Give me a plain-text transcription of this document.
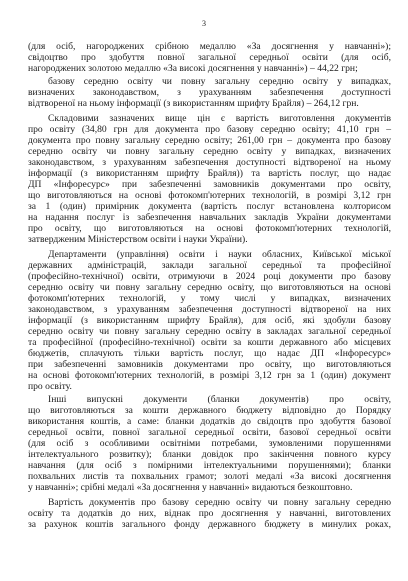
3
(для осіб, нагороджених срібною медаллю «За досягнення у навчанні»);
свідоцтво про здобуття повної загальної середньої освіти (для осіб,
нагороджених золотою медаллю «За високі досягнення у навчанні») – 44,22 грн;
базову середню освіту чи повну загальну середню освіту у випадках,
визначених законодавством, з урахуванням забезпечення доступності
відтвореної на ньому інформації (з використанням шрифту Брайля) – 264,12 грн.
Складовими зазначених вище цін є вартість виготовлення документів
про освіту (34,80 грн для документа про базову середню освіту; 41,10 грн –
документа про повну загальну середню освіту; 261,00 грн – документа про базову
середню освіту чи повну загальну середню освіту у випадках, визначених
законодавством, з урахуванням забезпечення доступності відтвореної на ньому
інформації (з використанням шрифту Брайля)) та вартість послуг, що надає
ДП «Інфоресурс» при забезпеченні замовників документами про освіту,
що виготовляються на основі фотокомп'ютерних технологій, в розмірі 3,12 грн
за 1 (один) примірник документа (вартість послуг встановлена колтори​сом
на надання послуг із забезпечення навчальних закладів України документами
про освіту, що виготовляються на основі фотокомп'ютерних технологій,
затвердженим Міністерством освіти і науки України).
Департаменти (управління) освіти і науки обласних, Київської міської
державних адміністрацій, заклади загальної середньої та професійної
(професійно-технічної) освіти, отримуючи в 2024 році документи про базову
середню освіту чи повну загальну середню освіту, що виготовляються на основі
фотокомп'ютерних технологій, у тому числі у випадках, визначених
законодавством, з урахуванням забезпечення доступності відтвореної на них
інформації (з використанням шрифту Брайля), для осіб, які здобули базову
середню освіту чи повну загальну середню освіту в закладах загальної середньої
та професійної (професійно-технічної) освіти за кошти державного або місцевих
бюджетів, сплачують тільки вартість послуг, що надає ДП «Інфоресурс»
при забезпеченні замовників документами про освіту, що виготовляються
на основі фотокомп'ютерних технологій, в розмірі 3,12 грн за 1 (один) документ
про освіту.
Інші випускні документи (бланки документів) про освіту,
що виготовляються за кошти державного бюджету відповідно до Порядку
використання коштів, а саме: бланки додатків до свідоцтв про здобуття базової
середньої освіти, повної загальної середньої освіти, базової середньої освіти
(для осіб з особливими освітніми потребами, зумовленими порушеннями
інтелектуального розвитку); бланки довідок про закінчення повного курсу
навчання (для осіб з помірними інтелектуальними порушеннями); бланки
похвальних листів та похвальних грамот; золоті медалі «За високі досягнення
у навчанні»; срібні медалі «За досягнення у навчанні» видаються безкоштовно.
Вартість документів про базову середню освіту чи повну загальну середню
освіту та додатків до них, віднак про досягнення у навчанні, виготовлених
за рахунок коштів загального фонду державного бюджету в минулих роках,
